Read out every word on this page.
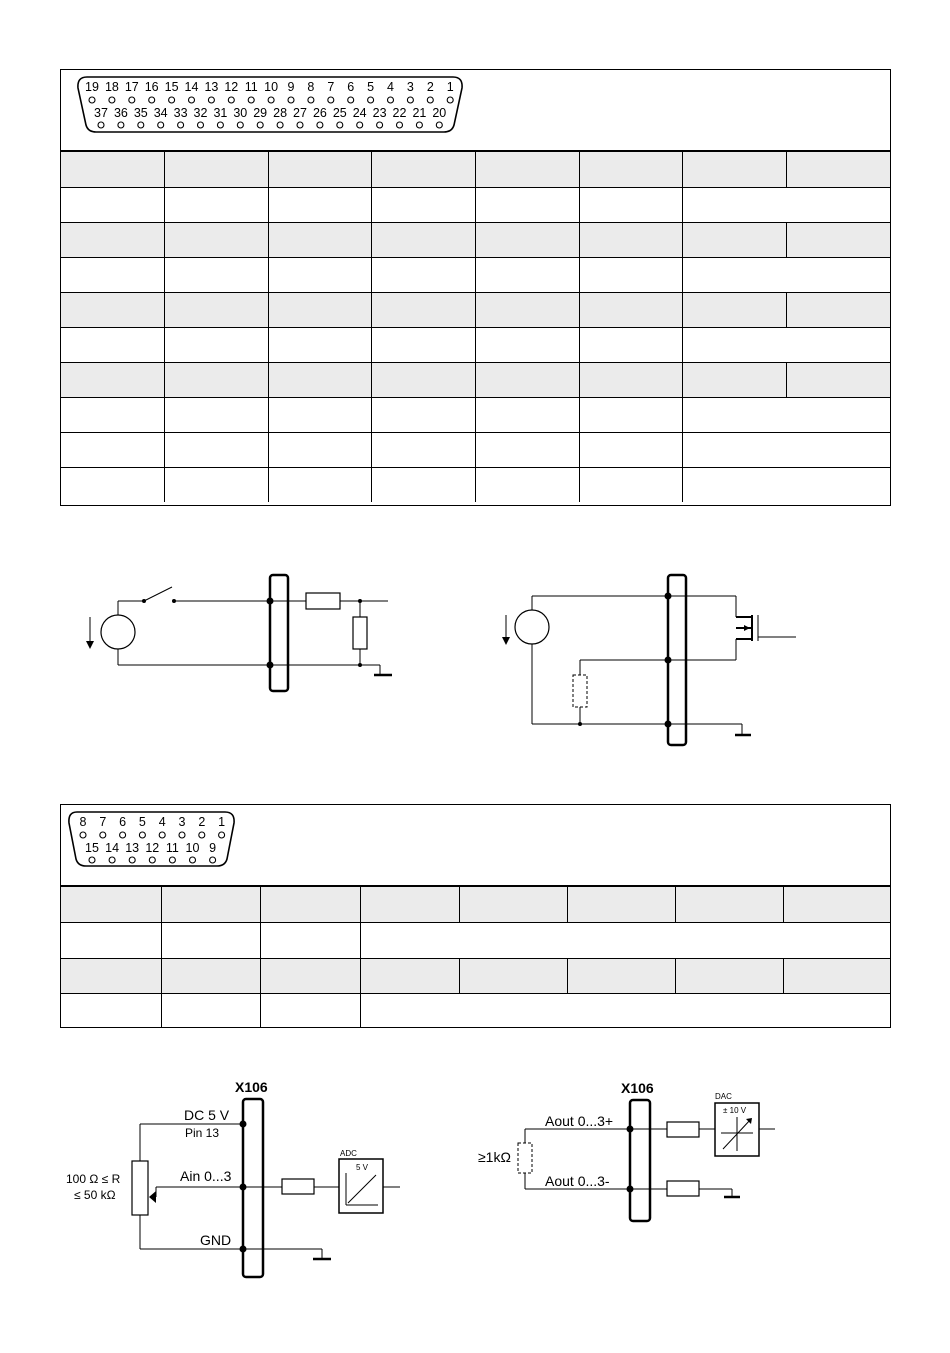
19 18 17 16 15 14 13 12 11 10 9 8 7 6 5 4 3 2 1
37 36 35 34 33 32 31 30 29 28 27 26 25 24 23 22 21 20

8 7 6 5 4 3 2 1
15 14 13 12 11 10 9

X106
DC 5 V
Pin 13
Ain 0...3
100 Ω ≤ R
≤ 50 kΩ
GND
ADC
5 V
X106
Aout 0...3+
Aout 0...3-
≥1kΩ
DAC
± 10 V
